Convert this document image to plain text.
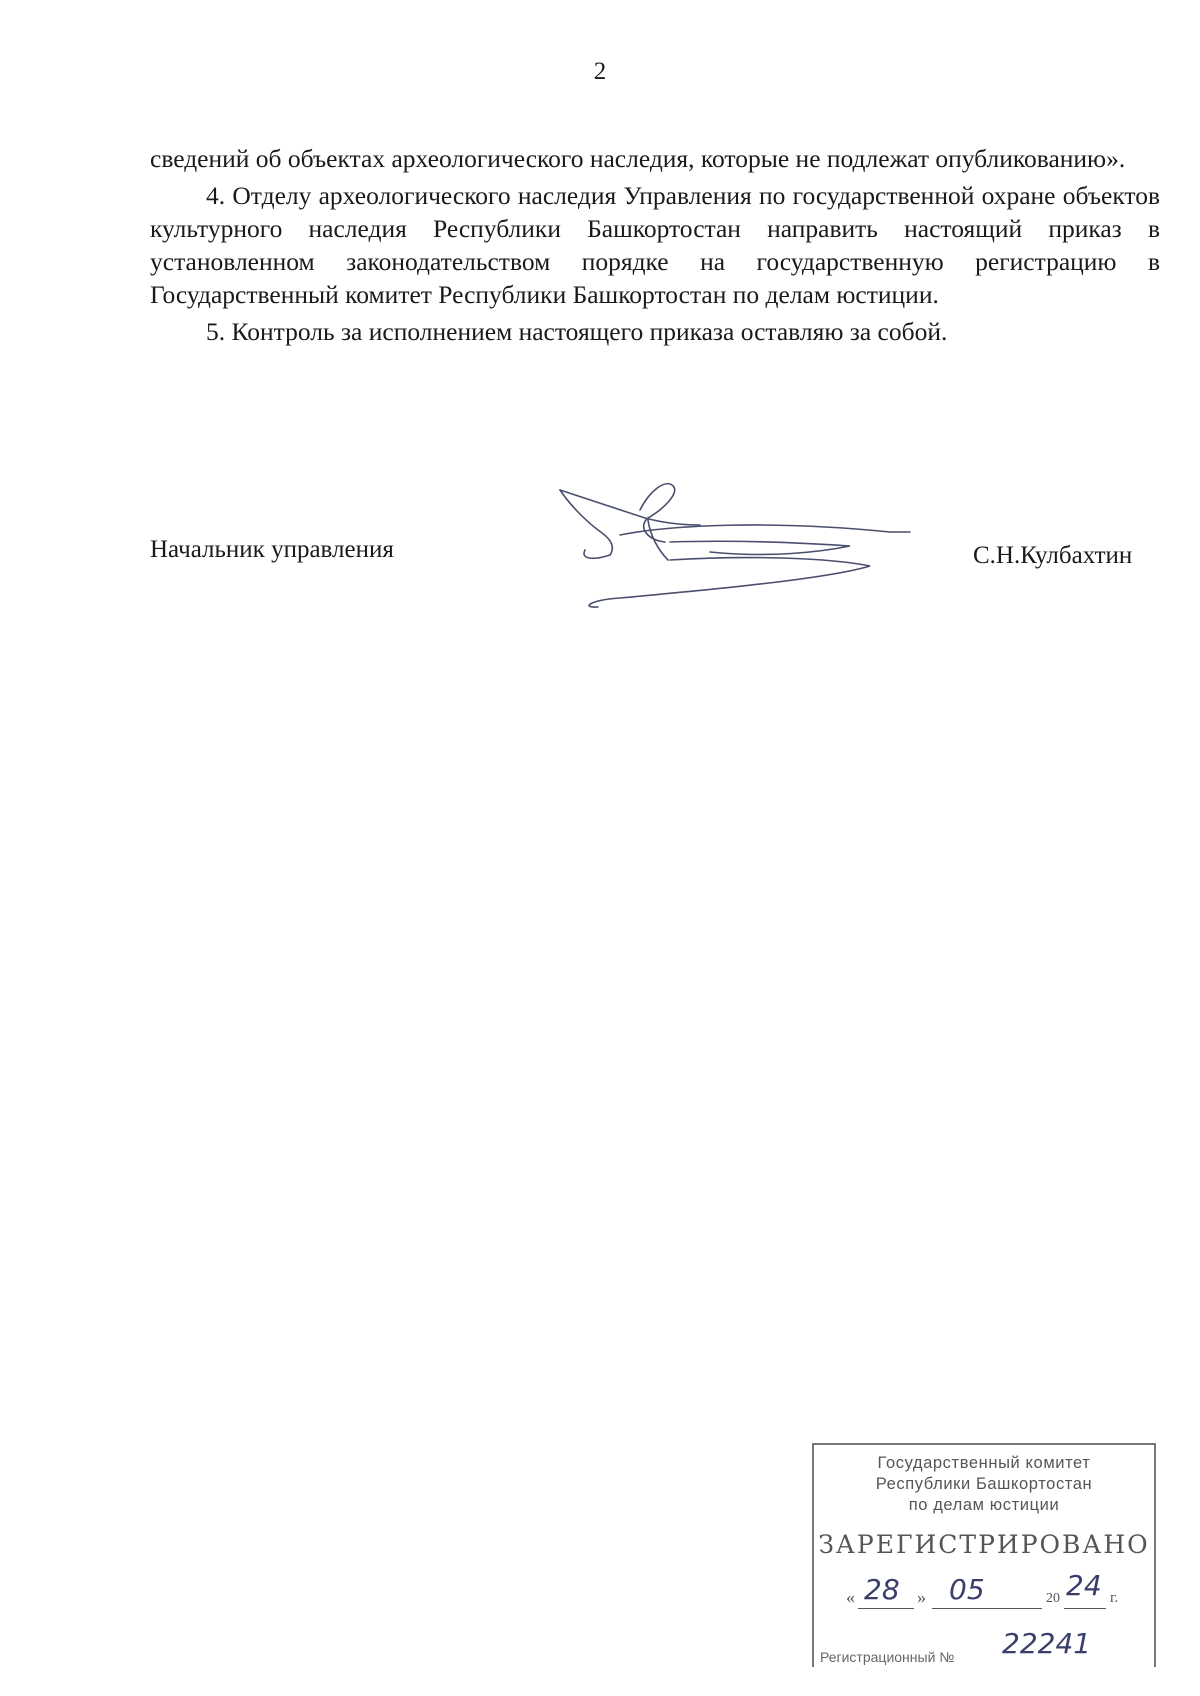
2

сведений об объектах археологического наследия, которые не подлежат опубликованию».

4. Отделу археологического наследия Управления по государственной охране объектов культурного наследия Республики Башкортостан направить настоящий приказ в установленном законодательством порядке на государственную регистрацию в Государственный комитет Республики Башкортостан по делам юстиции.

5. Контроль за исполнением настоящего приказа оставляю за собой.

Начальник управления	С.Н.Кулбахтин
Государственный комитет
Республики Башкортостан
по делам юстиции
ЗАРЕГИСТРИРОВАНО
« 28 » 05	20 24 г.
Регистрационный № 22241
